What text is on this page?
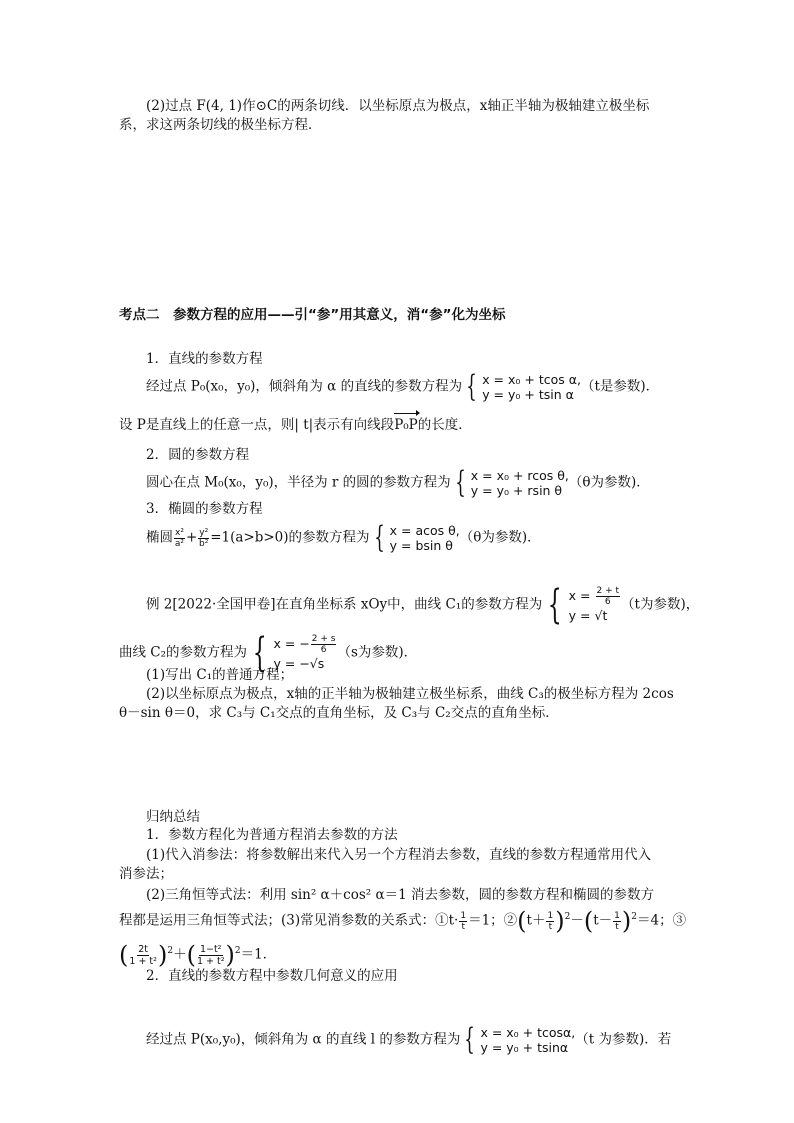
(2)过点 F(4, 1)作⊙C的两条切线．以坐标原点为极点，x轴正半轴为极轴建立极坐标
系，求这两条切线的极坐标方程．
考点二　参数方程的应用——引“参”用其意义，消“参”化为坐标
1．直线的参数方程
经过点 P₀(x₀，y₀)，倾斜角为 α 的直线的参数方程为 { x = x₀ + tcos α,
y = y₀ + tsin α （t是参数)．
设 P是直线上的任意一点，则| t|表示有向线段P₀P的长度．
2．圆的参数方程
圆心在点 M₀(x₀，y₀)，半径为 r 的圆的参数方程为 { x = x₀ + rcos θ,
y = y₀ + rsin θ （θ为参数)．
3．椭圆的参数方程
椭圆 $\frac{\text{x²}}{\text{a²}} + \frac{\text{y²}}{\text{b²}} =1(a>b>0)$的参数方程为 { x = acos θ,
y = bsin θ （θ为参数)．
例 2[2022·全国甲卷]在直角坐标系 xOy中，曲线 C₁的参数方程为 { $x = \frac{2 + t}{6}$
y = √t
（t为参数)，
曲线 C₂的参数方程为 { x = − $\frac{2 + s}{6}$
y = −√s
（s为参数)．
(1)写出 C₁的普通方程；
(2)以坐标原点为极点，x轴的正半轴为极轴建立极坐标系，曲线 C₃的极坐标方程为 2cos
θ－sin θ＝0，求 C₃与 C₁交点的直角坐标，及 C₃与 C₂交点的直角坐标．
归纳总结
1．参数方程化为普通方程消去参数的方法
(1)代入消参法：将参数解出来代入另一个方程消去参数，直线的参数方程通常用代入
消参法；
(2)三角恒等式法：利用 sin² α＋cos² α＝1 消去参数，圆的参数方程和椭圆的参数方
程都是运用三角恒等式法；(3)常见消参数的关系式：①t· $\frac{1}{t} =1$；②(t＋ $\frac{1}{t} )^2-(t- \frac{1}{t} )^2=4$；③
( $\frac{2t}{\text{1 + t²}} )^2+( \frac{\text{1−t²}}{\text{1 + t²}} )^2=1$．
2．直线的参数方程中参数几何意义的应用
经过点 P(x₀,y₀)，倾斜角为 α 的直线 l 的参数方程为 { x = x₀ + tcosα,
y = y₀ + tsinα （t 为参数)．若
